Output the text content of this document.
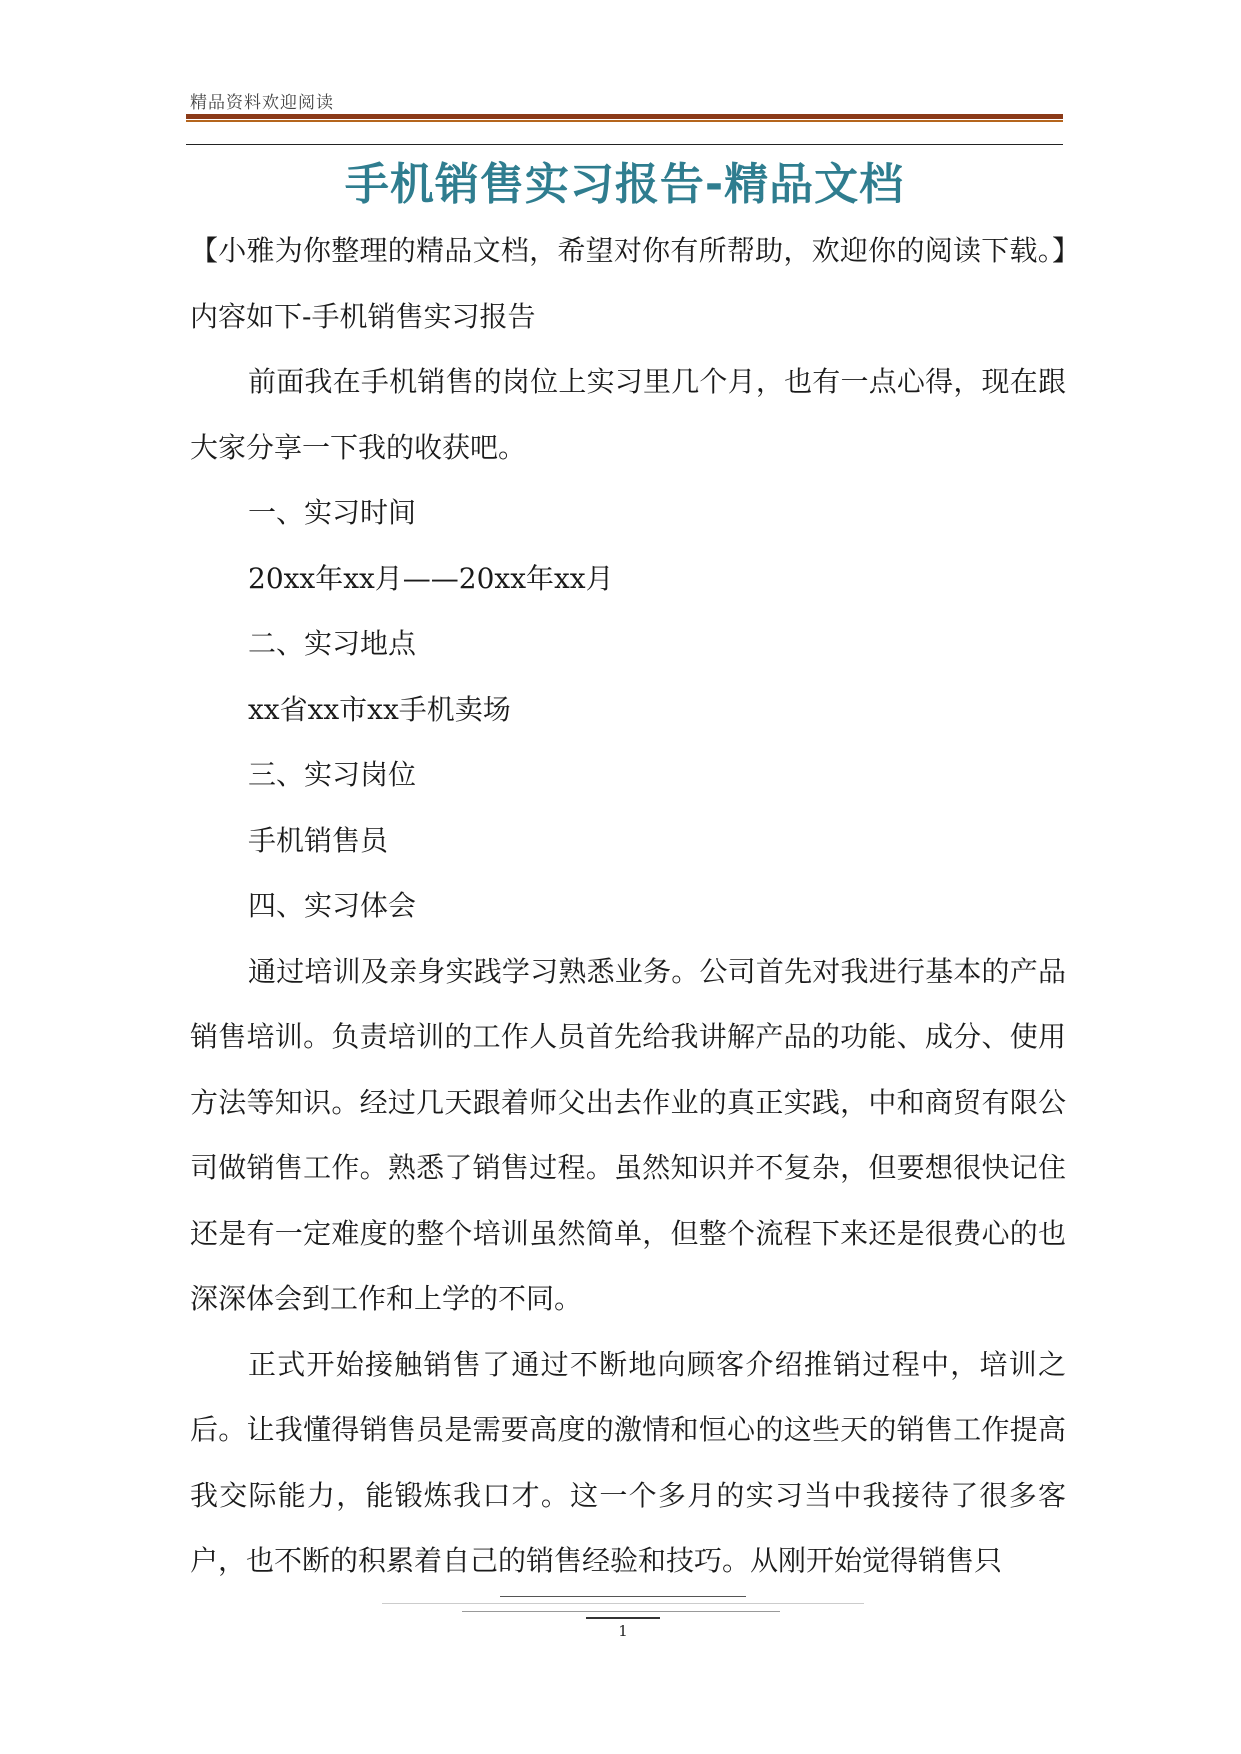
精品资料欢迎阅读
手机销售实习报告-精品文档

【小雅为你整理的精品文档，希望对你有所帮助，欢迎你的阅读下载。】内容如下-手机销售实习报告

前面我在手机销售的岗位上实习里几个月，也有一点心得，现在跟大家分享一下我的收获吧。

一、实习时间

20xx年xx月——20xx年xx月

二、实习地点

xx省xx市xx手机卖场

三、实习岗位

手机销售员

四、实习体会

通过培训及亲身实践学习熟悉业务。公司首先对我进行基本的产品销售培训。负责培训的工作人员首先给我讲解产品的功能、成分、使用方法等知识。经过几天跟着师父出去作业的真正实践，中和商贸有限公司做销售工作。熟悉了销售过程。虽然知识并不复杂，但要想很快记住还是有一定难度的整个培训虽然简单，但整个流程下来还是很费心的也深深体会到工作和上学的不同。

正式开始接触销售了通过不断地向顾客介绍推销过程中，培训之后。让我懂得销售员是需要高度的激情和恒心的这些天的销售工作提高我交际能力，能锻炼我口才。这一个多月的实习当中我接待了很多客户，也不断的积累着自己的销售经验和技巧。从刚开始觉得销售只

1
